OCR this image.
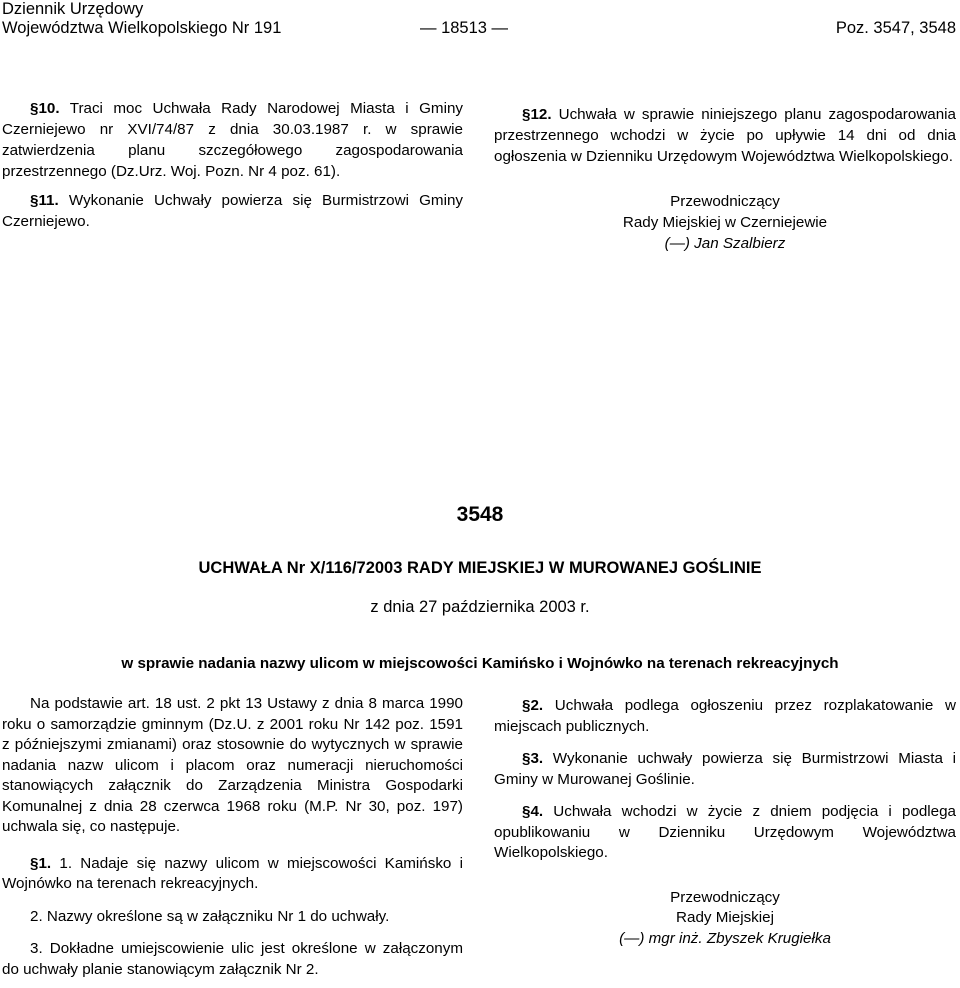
Dziennik Urzędowy
Województwa Wielkopolskiego Nr 191	— 18513 —	Poz. 3547, 3548

§10. Traci moc Uchwała Rady Narodowej Miasta i Gminy Czerniejewo nr XVI/74/87 z dnia 30.03.1987 r. w sprawie zatwierdzenia planu szczegółowego zagospodarowania przestrzennego (Dz.Urz. Woj. Pozn. Nr 4 poz. 61).

§11. Wykonanie Uchwały powierza się Burmistrzowi Gminy Czerniejewo.

§12. Uchwała w sprawie niniejszego planu zagospodarowania przestrzennego wchodzi w życie po upływie 14 dni od dnia ogłoszenia w Dzienniku Urzędowym Województwa Wielkopolskiego.

Przewodniczący
Rady Miejskiej w Czerniejewie
(—) Jan Szalbierz
3548
UCHWAŁA Nr X/116/72003 RADY MIEJSKIEJ W MUROWANEJ GOŚLINIE
z dnia 27 października 2003 r.
w sprawie nadania nazwy ulicom w miejscowości Kamińsko i Wojnówko na terenach rekreacyjnych

Na podstawie art. 18 ust. 2 pkt 13 Ustawy z dnia 8 marca 1990 roku o samorządzie gminnym (Dz.U. z 2001 roku Nr 142 poz. 1591 z późniejszymi zmianami) oraz stosownie do wytycznych w sprawie nadania nazw ulicom i placom oraz numeracji nieruchomości stanowiących załącznik do Zarządzenia Ministra Gospodarki Komunalnej z dnia 28 czerwca 1968 roku (M.P. Nr 30, poz. 197) uchwala się, co następuje.

§1. 1. Nadaje się nazwy ulicom w miejscowości Kamińsko i Wojnówko na terenach rekreacyjnych.

2. Nazwy określone są w załączniku Nr 1 do uchwały.

3. Dokładne umiejscowienie ulic jest określone w załączonym do uchwały planie stanowiącym załącznik Nr 2.

§2. Uchwała podlega ogłoszeniu przez rozplakatowanie w miejscach publicznych.

§3. Wykonanie uchwały powierza się Burmistrzowi Miasta i Gminy w Murowanej Goślinie.

§4. Uchwała wchodzi w życie z dniem podjęcia i podlega opublikowaniu w Dzienniku Urzędowym Województwa Wielkopolskiego.

Przewodniczący
Rady Miejskiej
(—) mgr inż. Zbyszek Krugiełka
